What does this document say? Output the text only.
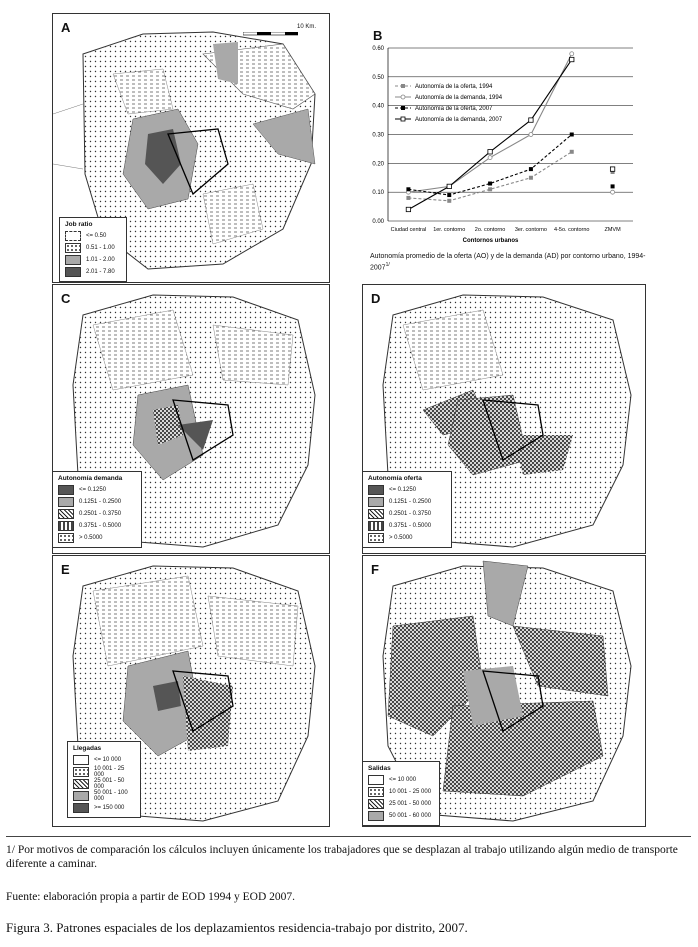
A	10 Km.
Job ratio
<= 0.50
0.51 - 1.00
1.01 - 2.00
2.01 - 7.80
B
0.00
0.10
0.20
0.30
0.40
0.50
0.60
Ciudad central 1er. contorno 2o. contorno 3er. contorno 4-5o. contorno	ZMVM
Contornos urbanos
Autonomía de la oferta, 1994
Autonomía de la demanda, 1994
Autonomía de la oferta, 2007
Autonomía de la demanda, 2007
Autonomía promedio de la oferta (AO) y de la demanda (AD) por contorno urbano, $1994-2007^{1/}$
C
Autonomía demanda
<= 0.1250
0.1251 - 0.2500
0.2501 - 0.3750
0.3751 - 0.5000
> 0.5000
D
Autonomía oferta
<= 0.1250
0.1251 - 0.2500
0.2501 - 0.3750
0.3751 - 0.5000
> 0.5000
E
Llegadas
<= 10 000
10 001 - 25 000
25 001 - 50 000
50 001 - 100 000
>= 150 000
F
Salidas
<= 10 000
10 001 - 25 000
25 001 - 50 000
50 001 - 60 000
1/ Por motivos de comparación los cálculos incluyen únicamente los trabajadores que se desplazan al trabajo utilizando algún medio de transporte diferente a caminar.
Fuente: elaboración propia a partir de EOD 1994 y EOD 2007.
Figura 3. Patrones espaciales de los deplazamientos residencia-trabajo por distrito, 2007.
